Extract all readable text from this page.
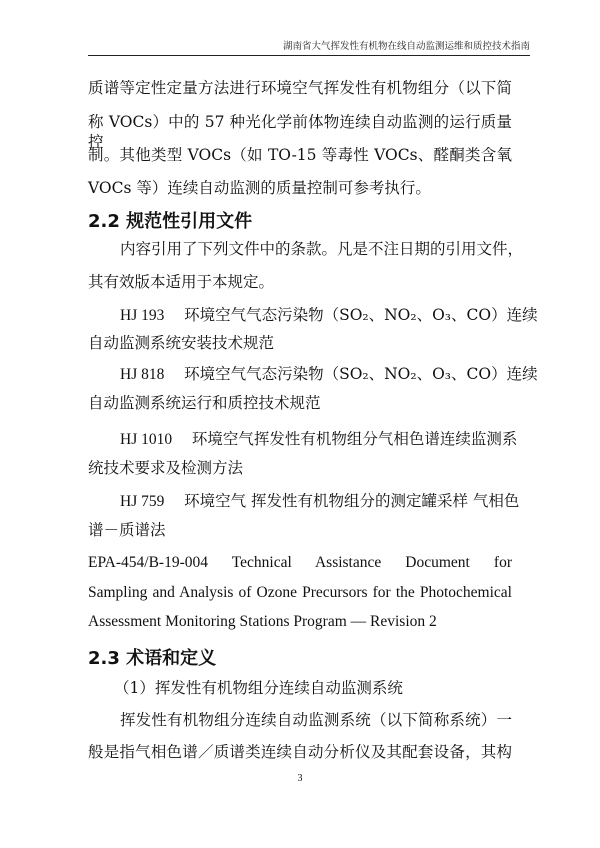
湖南省大气挥发性有机物在线自动监测运维和质控技术指南
质谱等定性定量方法进行环境空气挥发性有机物组分（以下简
称 VOCs）中的 57 种光化学前体物连续自动监测的运行质量控
制。其他类型 VOCs（如 TO-15 等毒性 VOCs、醛酮类含氧
VOCs 等）连续自动监测的质量控制可参考执行。
2.2 规范性引用文件
内容引用了下列文件中的条款。凡是不注日期的引用文件，
其有效版本适用于本规定。
HJ 193 环境空气气态污染物（SO₂、NO₂、O₃、CO）连续
自动监测系统安装技术规范
HJ 818 环境空气气态污染物（SO₂、NO₂、O₃、CO）连续
自动监测系统运行和质控技术规范
HJ 1010 环境空气挥发性有机物组分气相色谱连续监测系
统技术要求及检测方法
HJ 759 环境空气 挥发性有机物组分的测定罐采样 气相色
谱－质谱法
EPA-454/B-19-004 Technical Assistance Document for
Sampling and Analysis of Ozone Precursors for the Photochemical
Assessment Monitoring Stations Program — Revision 2
2.3 术语和定义
（1）挥发性有机物组分连续自动监测系统
挥发性有机物组分连续自动监测系统（以下简称系统）一
般是指气相色谱／质谱类连续自动分析仪及其配套设备，其构
3
